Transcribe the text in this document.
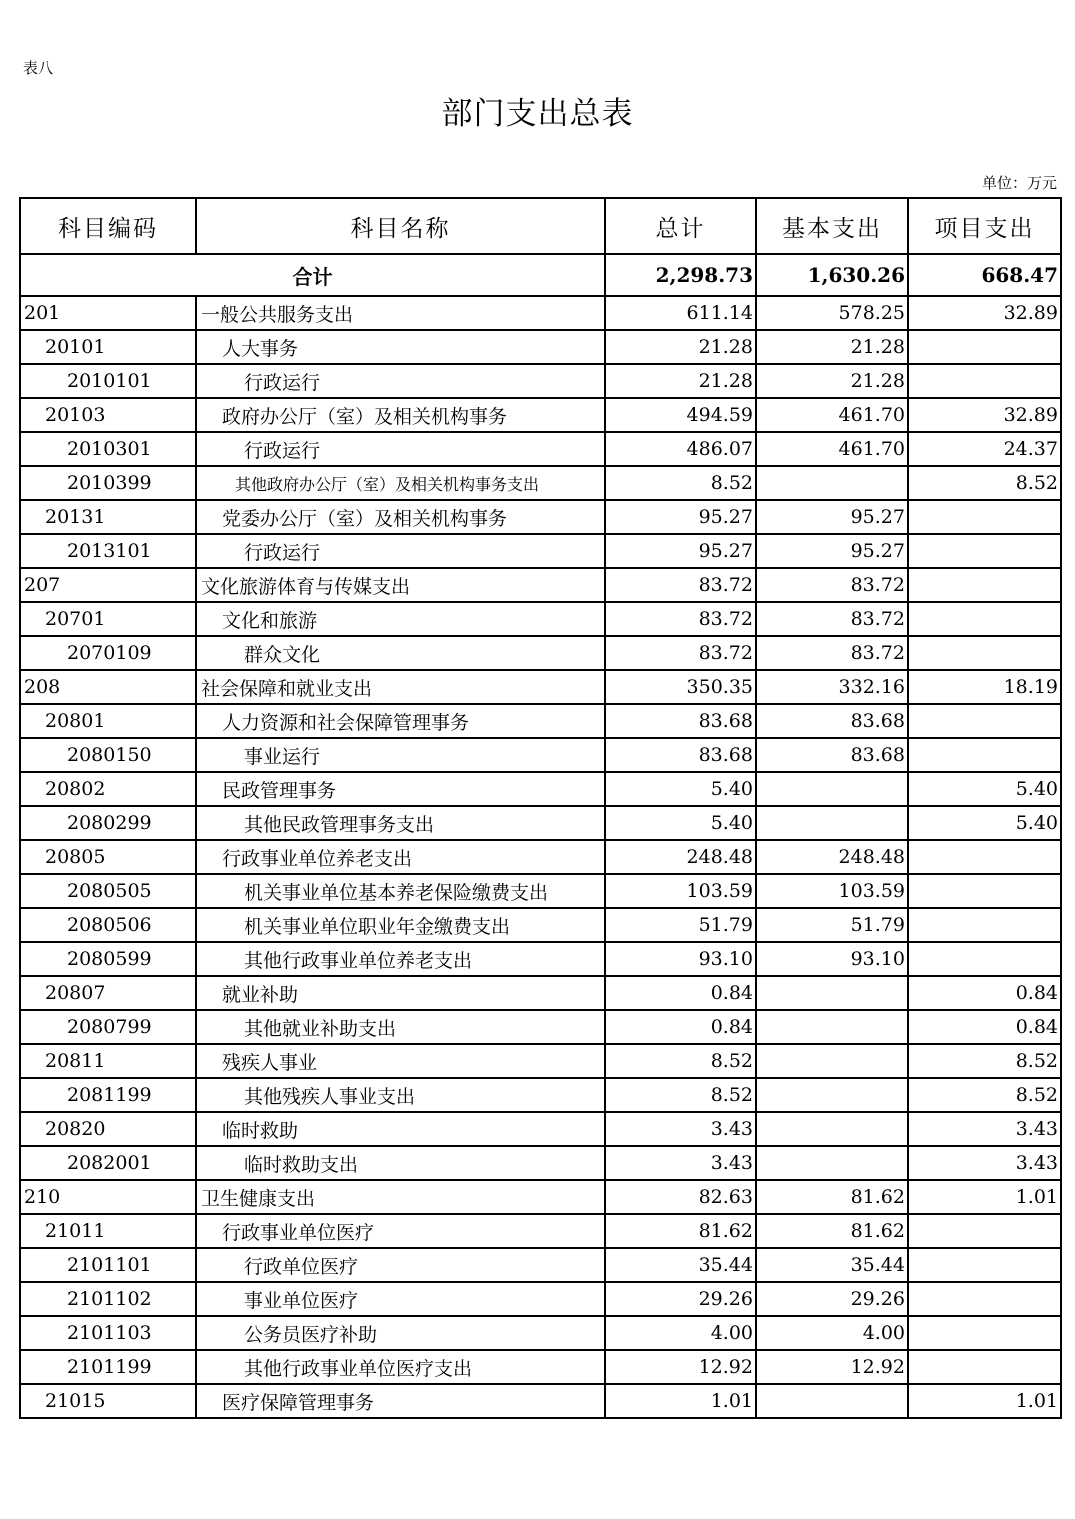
表八
部门支出总表
单位：万元
科目编码	科目名称	总计	基本支出	项目支出
合计		2,298.73	1,630.26	668.47
201	一般公共服务支出	611.14	578.25	32.89
20101	人大事务	21.28	21.28	
2010101	行政运行	21.28	21.28	
20103	政府办公厅（室）及相关机构事务	494.59	461.70	32.89
2010301	行政运行	486.07	461.70	24.37
2010399	其他政府办公厅（室）及相关机构事务支出	8.52		8.52
20131	党委办公厅（室）及相关机构事务	95.27	95.27	
2013101	行政运行	95.27	95.27	
207	文化旅游体育与传媒支出	83.72	83.72	
20701	文化和旅游	83.72	83.72	
2070109	群众文化	83.72	83.72	
208	社会保障和就业支出	350.35	332.16	18.19
20801	人力资源和社会保障管理事务	83.68	83.68	
2080150	事业运行	83.68	83.68	
20802	民政管理事务	5.40		5.40
2080299	其他民政管理事务支出	5.40		5.40
20805	行政事业单位养老支出	248.48	248.48	
2080505	机关事业单位基本养老保险缴费支出	103.59	103.59	
2080506	机关事业单位职业年金缴费支出	51.79	51.79	
2080599	其他行政事业单位养老支出	93.10	93.10	
20807	就业补助	0.84		0.84
2080799	其他就业补助支出	0.84		0.84
20811	残疾人事业	8.52		8.52
2081199	其他残疾人事业支出	8.52		8.52
20820	临时救助	3.43		3.43
2082001	临时救助支出	3.43		3.43
210	卫生健康支出	82.63	81.62	1.01
21011	行政事业单位医疗	81.62	81.62	
2101101	行政单位医疗	35.44	35.44	
2101102	事业单位医疗	29.26	29.26	
2101103	公务员医疗补助	4.00	4.00	
2101199	其他行政事业单位医疗支出	12.92	12.92	
21015	医疗保障管理事务	1.01		1.01
